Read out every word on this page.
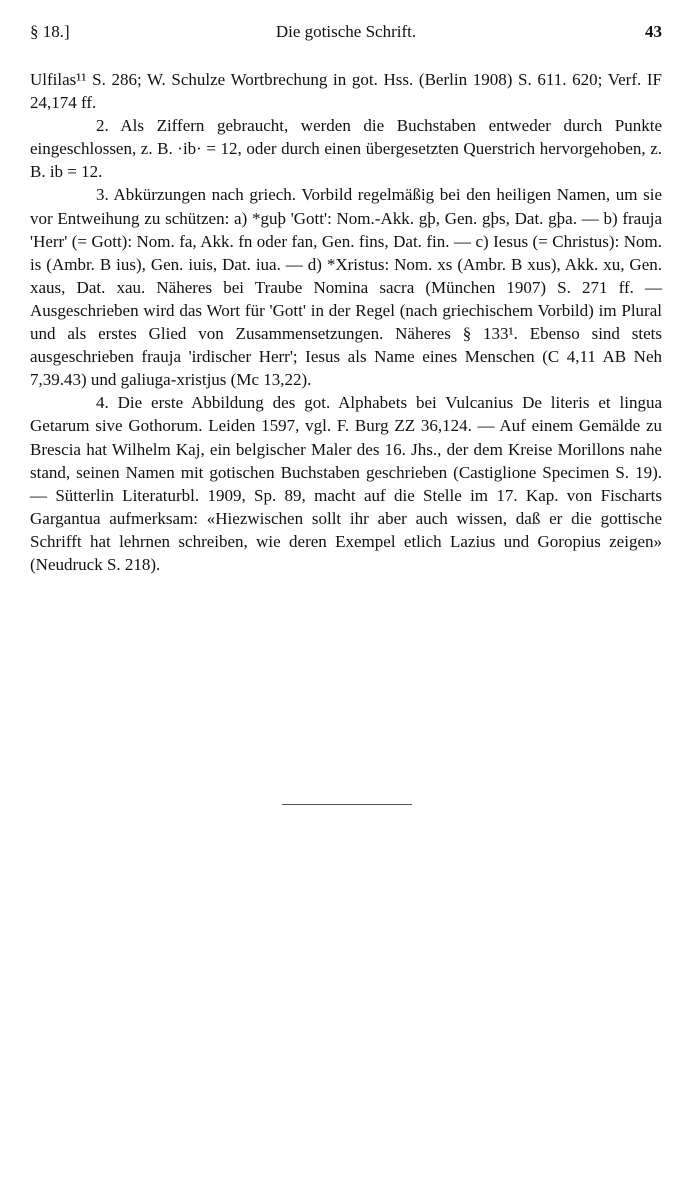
§ 18.]	Die gotische Schrift.	43

Ulfilas¹¹ S. 286; W. Schulze Wortbrechung in got. Hss. (Berlin 1908) S. 611. 620; Verf. IF 24,174 ff.

2. Als Ziffern gebraucht, werden die Buchstaben entweder durch Punkte eingeschlossen, z. B. ·ib· = 12, oder durch einen übergesetzten Querstrich hervorgehoben, z. B. ib = 12.

3. Abkürzungen nach griech. Vorbild regelmäßig bei den heiligen Namen, um sie vor Entweihung zu schützen: a) *guþ 'Gott': Nom.-Akk. gþ, Gen. gþs, Dat. gþa. — b) frauja 'Herr' (= Gott): Nom. fa, Akk. fn oder fan, Gen. fins, Dat. fin. — c) Iesus (= Christus): Nom. is (Ambr. B ius), Gen. iuis, Dat. iua. — d) *Xristus: Nom. xs (Ambr. B xus), Akk. xu, Gen. xaus, Dat. xau. Näheres bei Traube Nomina sacra (München 1907) S. 271 ff. — Ausgeschrieben wird das Wort für 'Gott' in der Regel (nach griechischem Vorbild) im Plural und als erstes Glied von Zusammensetzungen. Näheres § 133¹. Ebenso sind stets ausgeschrieben frauja 'irdischer Herr'; Iesus als Name eines Menschen (C 4,11 AB Neh 7,39.43) und galiuga-xristjus (Mc 13,22).

4. Die erste Abbildung des got. Alphabets bei Vulcanius De literis et lingua Getarum sive Gothorum. Leiden 1597, vgl. F. Burg ZZ 36,124. — Auf einem Gemälde zu Brescia hat Wilhelm Kaj, ein belgischer Maler des 16. Jhs., der dem Kreise Morillons nahe stand, seinen Namen mit gotischen Buchstaben geschrieben (Castiglione Specimen S. 19). — Sütterlin Literaturbl. 1909, Sp. 89, macht auf die Stelle im 17. Kap. von Fischarts Gargantua aufmerksam: «Hiezwischen sollt ihr aber auch wissen, daß er die gottische Schrifft hat lehrnen schreiben, wie deren Exempel etlich Lazius und Goropius zeigen» (Neudruck S. 218).
